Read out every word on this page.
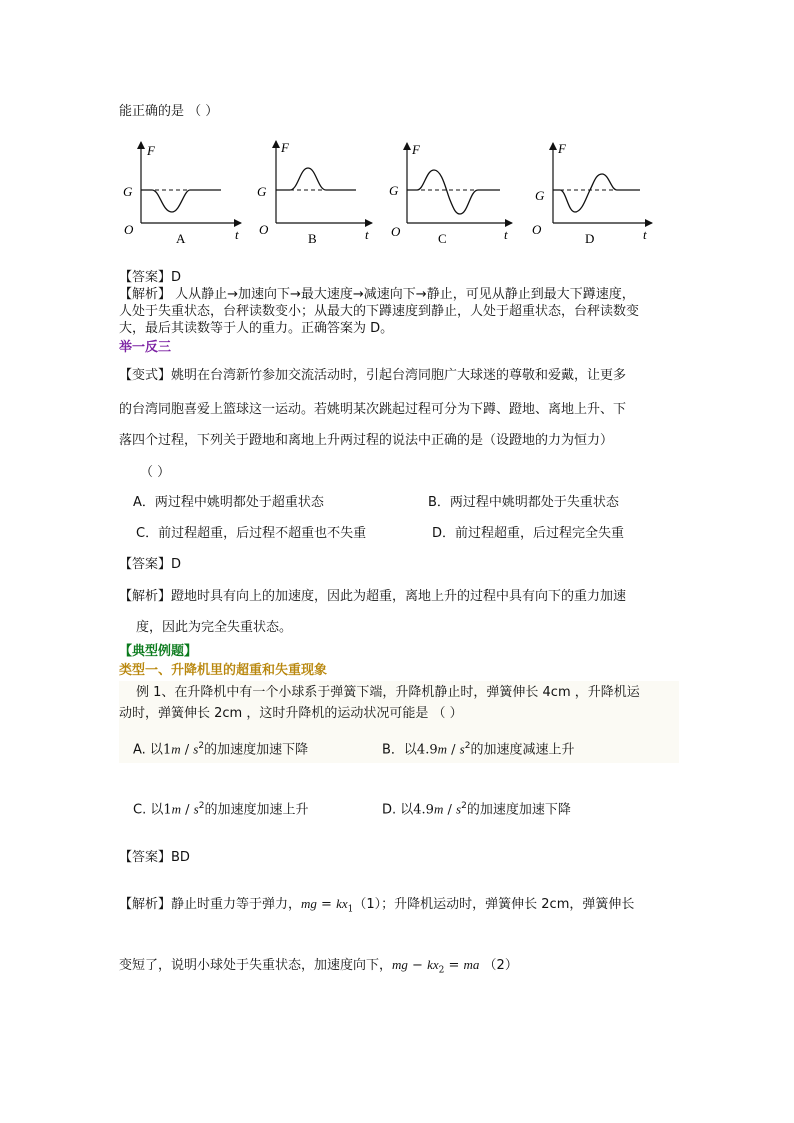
能正确的是 （ ）
F
G
O	t
A
F
G
O	t
B
F
G
O	t
C
F
G
O	t
D
【答案】D
【解析】 人从静止→加速向下→最大速度→减速向下→静止，可见从静止到最大下蹲速度，
人处于失重状态，台秤读数变小；从最大的下蹲速度到静止，人处于超重状态，台秤读数变
大，最后其读数等于人的重力。正确答案为 D。
举一反三
【变式】姚明在台湾新竹参加交流活动时，引起台湾同胞广大球迷的尊敬和爱戴，让更多
的台湾同胞喜爱上篮球这一运动。若姚明某次跳起过程可分为下蹲、蹬地、离地上升、下
落四个过程，下列关于蹬地和离地上升两过程的说法中正确的是（设蹬地的力为恒力）
（ ）
A．两过程中姚明都处于超重状态	B．两过程中姚明都处于失重状态
C．前过程超重，后过程不超重也不失重	D．前过程超重，后过程完全失重
【答案】D
【解析】蹬地时具有向上的加速度，因此为超重，离地上升的过程中具有向下的重力加速
度，因此为完全失重状态。
【典型例题】
类型一、升降机里的超重和失重现象
例 1、在升降机中有一个小球系于弹簧下端，升降机静止时，弹簧伸长 4cm ，升降机运
动时，弹簧伸长 2cm ，这时升降机的运动状况可能是 （ ）
A. 以$1m / s^2$的加速度加速下降	B．以$4.9m / s^2$的加速度减速上升
C. 以$1m / s^2$的加速度加速上升	D. 以$4.9m / s^2$的加速度加速下降
【答案】BD
【解析】静止时重力等于弹力，mg = $kx_1(1)$；升降机运动时，弹簧伸长 2cm，弹簧伸长
变短了，说明小球处于失重状态，加速度向下，mg − $kx_2$ = ma （2）
